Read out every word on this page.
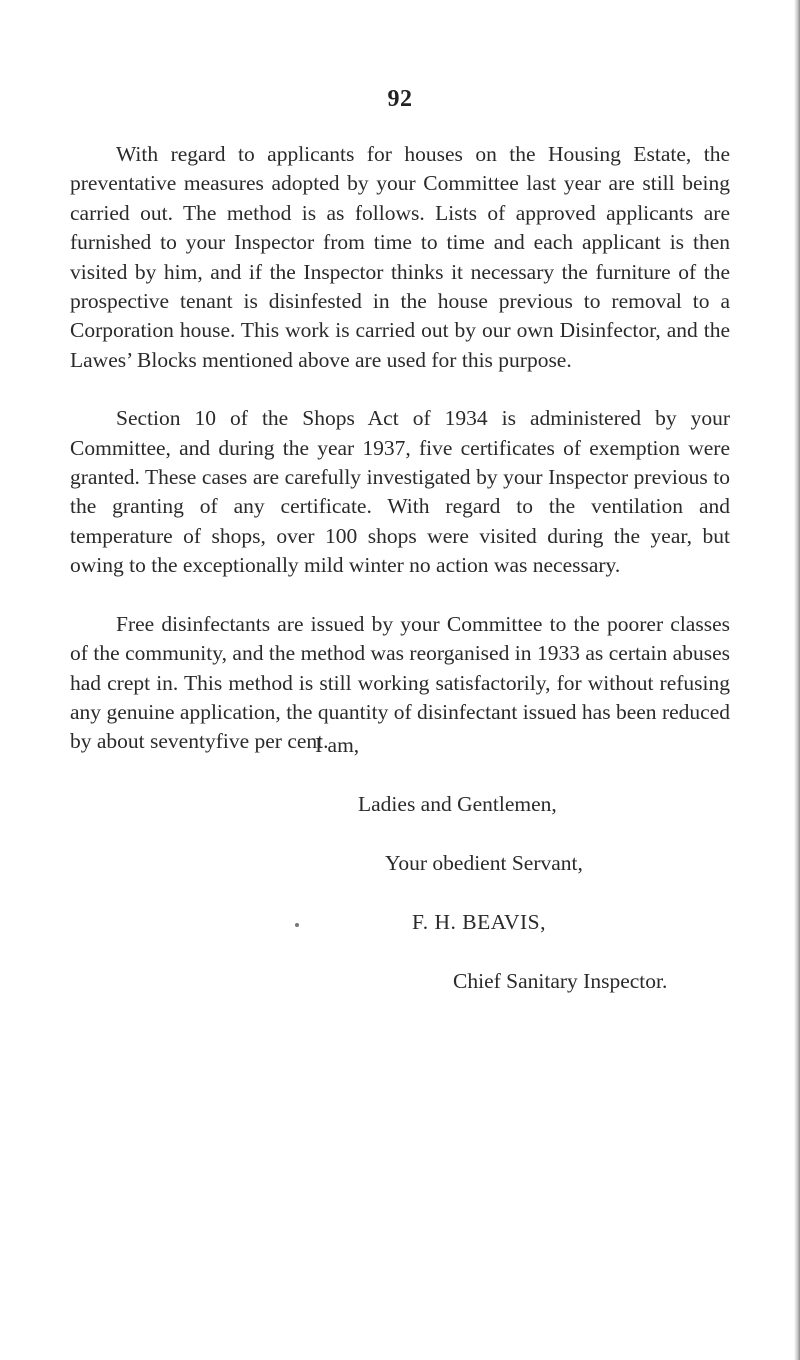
92

With regard to applicants for houses on the Housing Estate, the preventative measures adopted by your Committee last year are still being carried out. The method is as follows. Lists of approved applicants are furnished to your Inspector from time to time and each applicant is then visited by him, and if the Inspector thinks it necessary the furniture of the prospective tenant is disinfested in the house previous to removal to a Corporation house. This work is carried out by our own Disinfector, and the Lawes’ Blocks mentioned above are used for this purpose.

Section 10 of the Shops Act of 1934 is administered by your Committee, and during the year 1937, five certificates of exemption were granted. These cases are carefully investigated by your Inspector previous to the granting of any certificate. With regard to the ventilation and temperature of shops, over 100 shops were visited during the year, but owing to the exceptionally mild winter no action was necessary.

Free disinfectants are issued by your Committee to the poorer classes of the community, and the method was reorganised in 1933 as certain abuses had crept in. This method is still working satisfactorily, for without refusing any genuine application, the quantity of disinfectant issued has been reduced by about seventyfive per cent.

I am,
Ladies and Gentlemen,
Your obedient Servant,
F. H. BEAVIS,
Chief Sanitary Inspector.
